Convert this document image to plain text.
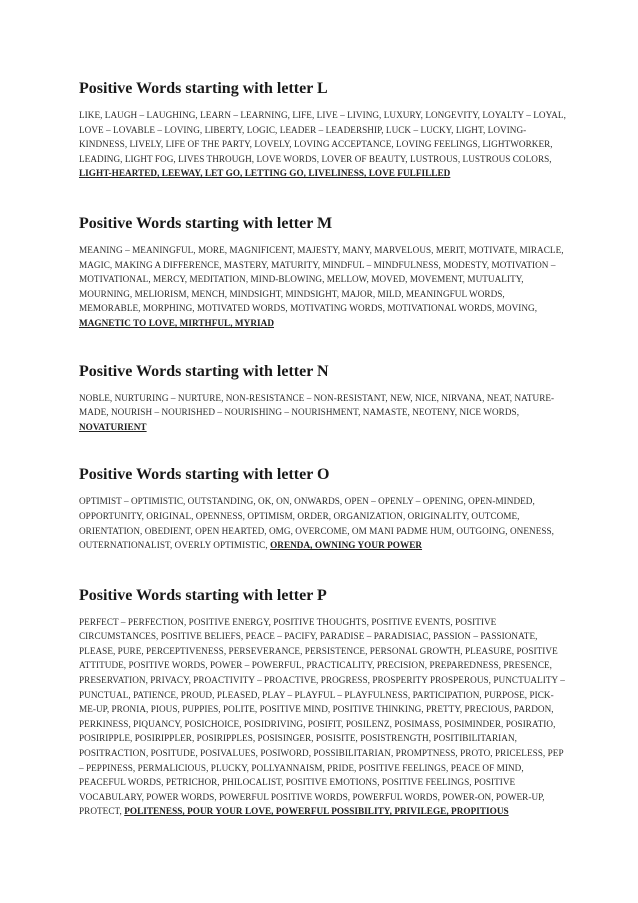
Positive Words starting with letter L

LIKE, LAUGH – LAUGHING, LEARN – LEARNING, LIFE, LIVE – LIVING, LUXURY, LONGEVITY, LOYALTY – LOYAL, LOVE – LOVABLE – LOVING, LIBERTY, LOGIC, LEADER – LEADERSHIP, LUCK – LUCKY, LIGHT, LOVING-KINDNESS, LIVELY, LIFE OF THE PARTY, LOVELY, LOVING ACCEPTANCE, LOVING FEELINGS, LIGHTWORKER, LEADING, LIGHT FOG, LIVES THROUGH, LOVE WORDS, LOVER OF BEAUTY, LUSTROUS, LUSTROUS COLORS, LIGHT-HEARTED, LEEWAY, LET GO, LETTING GO, LIVELINESS, LOVE FULFILLED

Positive Words starting with letter M

MEANING – MEANINGFUL, MORE, MAGNIFICENT, MAJESTY, MANY, MARVELOUS, MERIT, MOTIVATE, MIRACLE, MAGIC, MAKING A DIFFERENCE, MASTERY, MATURITY, MINDFUL – MINDFULNESS, MODESTY, MOTIVATION – MOTIVATIONAL, MERCY, MEDITATION, MIND-BLOWING, MELLOW, MOVED, MOVEMENT, MUTUALITY, MOURNING, MELIORISM, MENCH, MINDSIGHT, MINDSIGHT, MAJOR, MILD, MEANINGFUL WORDS, MEMORABLE, MORPHING, MOTIVATED WORDS, MOTIVATING WORDS, MOTIVATIONAL WORDS, MOVING, MAGNETIC TO LOVE, MIRTHFUL, MYRIAD

Positive Words starting with letter N

NOBLE, NURTURING – NURTURE, NON-RESISTANCE – NON-RESISTANT, NEW, NICE, NIRVANA, NEAT, NATURE-MADE, NOURISH – NOURISHED – NOURISHING – NOURISHMENT, NAMASTE, NEOTENY, NICE WORDS, NOVATURIENT

Positive Words starting with letter O

OPTIMIST – OPTIMISTIC, OUTSTANDING, OK, ON, ONWARDS, OPEN – OPENLY – OPENING, OPEN-MINDED, OPPORTUNITY, ORIGINAL, OPENNESS, OPTIMISM, ORDER, ORGANIZATION, ORIGINALITY, OUTCOME, ORIENTATION, OBEDIENT, OPEN HEARTED, OMG, OVERCOME, OM MANI PADME HUM, OUTGOING, ONENESS, OUTERNATIONALIST, OVERLY OPTIMISTIC, ORENDA, OWNING YOUR POWER

Positive Words starting with letter P

PERFECT – PERFECTION, POSITIVE ENERGY, POSITIVE THOUGHTS, POSITIVE EVENTS, POSITIVE CIRCUMSTANCES, POSITIVE BELIEFS, PEACE – PACIFY, PARADISE – PARADISIAC, PASSION – PASSIONATE, PLEASE, PURE, PERCEPTIVENESS, PERSEVERANCE, PERSISTENCE, PERSONAL GROWTH, PLEASURE, POSITIVE ATTITUDE, POSITIVE WORDS, POWER – POWERFUL, PRACTICALITY, PRECISION, PREPAREDNESS, PRESENCE, PRESERVATION, PRIVACY, PROACTIVITY – PROACTIVE, PROGRESS, PROSPERITY PROSPEROUS, PUNCTUALITY – PUNCTUAL, PATIENCE, PROUD, PLEASED, PLAY – PLAYFUL – PLAYFULNESS, PARTICIPATION, PURPOSE, PICK-ME-UP, PRONIA, PIOUS, PUPPIES, POLITE, POSITIVE MIND, POSITIVE THINKING, PRETTY, PRECIOUS, PARDON, PERKINESS, PIQUANCY, POSICHOICE, POSIDRIVING, POSIFIT, POSILENZ, POSIMASS, POSIMINDER, POSIRATIO, POSIRIPPLE, POSIRIPPLER, POSIRIPPLES, POSISINGER, POSISITE, POSISTRENGTH, POSITIBILITARIAN, POSITRACTION, POSITUDE, POSIVALUES, POSIWORD, POSSIBILITARIAN, PROMPTNESS, PROTO, PRICELESS, PEP – PEPPINESS, PERMALICIOUS, PLUCKY, POLLYANNAISM, PRIDE, POSITIVE FEELINGS, PEACE OF MIND, PEACEFUL WORDS, PETRICHOR, PHILOCALIST, POSITIVE EMOTIONS, POSITIVE FEELINGS, POSITIVE VOCABULARY, POWER WORDS, POWERFUL POSITIVE WORDS, POWERFUL WORDS, POWER-ON, POWER-UP, PROTECT, POLITENESS, POUR YOUR LOVE, POWERFUL POSSIBILITY, PRIVILEGE, PROPITIOUS
